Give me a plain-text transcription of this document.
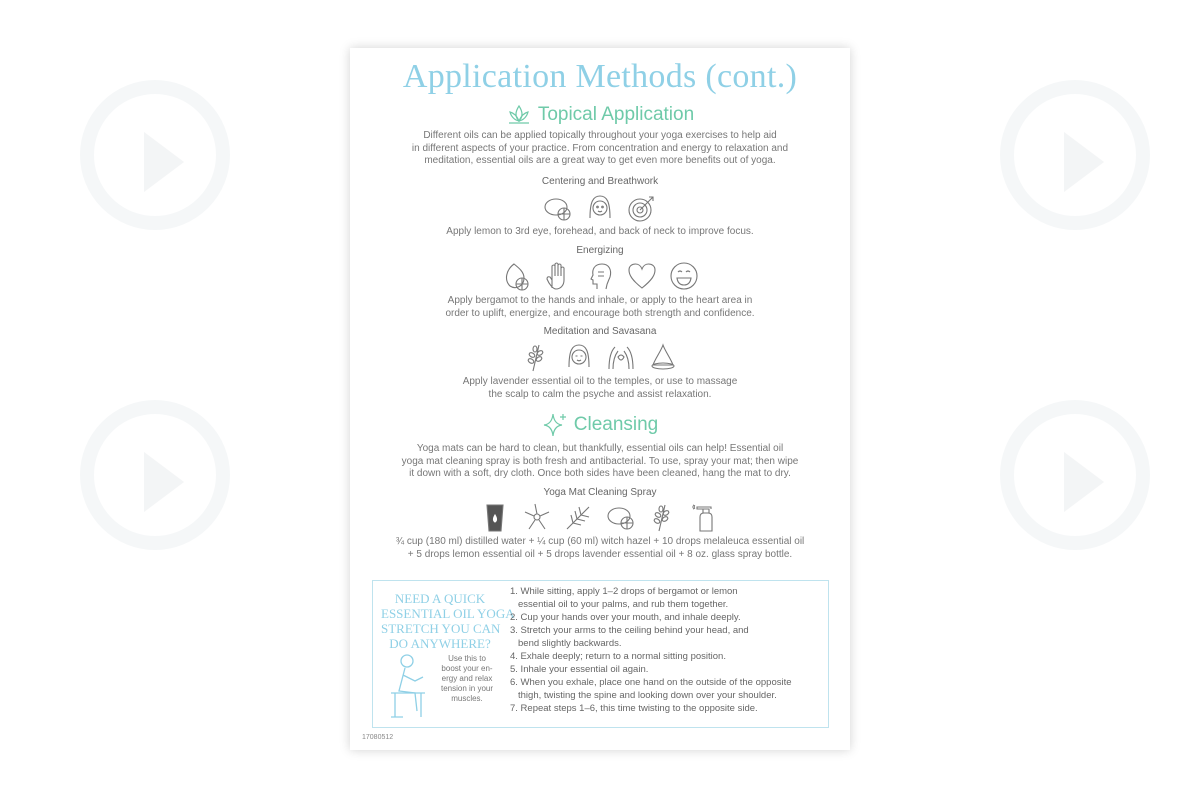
Application Methods (cont.)
Topical Application
Different oils can be applied topically throughout your yoga exercises to help aid
in different aspects of your practice. From concentration and energy to relaxation and
meditation, essential oils are a great way to get even more benefits out of yoga.
Centering and Breathwork
Apply lemon to 3rd eye, forehead, and back of neck to improve focus.
Energizing
Apply bergamot to the hands and inhale, or apply to the heart area in
order to uplift, energize, and encourage both strength and confidence.
Meditation and Savasana
Apply lavender essential oil to the temples, or use to massage
the scalp to calm the psyche and assist relaxation.
Cleansing
Yoga mats can be hard to clean, but thankfully, essential oils can help! Essential oil
yoga mat cleaning spray is both fresh and antibacterial. To use, spray your mat; then wipe
it down with a soft, dry cloth. Once both sides have been cleaned, hang the mat to dry.
Yoga Mat Cleaning Spray
¾ cup (180 ml) distilled water + ¼ cup (60 ml) witch hazel + 10 drops melaleuca essential oil
+ 5 drops lemon essential oil + 5 drops lavender essential oil + 8 oz. glass spray bottle.
NEED A QUICK
ESSENTIAL OIL YOGA
STRETCH YOU CAN
DO ANYWHERE?
Use this to
boost your en-
ergy and relax
tension in your
muscles.
1. While sitting, apply 1–2 drops of bergamot or lemon
essential oil to your palms, and rub them together.
2. Cup your hands over your mouth, and inhale deeply.
3. Stretch your arms to the ceiling behind your head, and
bend slightly backwards.
4. Exhale deeply; return to a normal sitting position.
5. Inhale your essential oil again.
6. When you exhale, place one hand on the outside of the opposite
thigh, twisting the spine and looking down over your shoulder.
7. Repeat steps 1–6, this time twisting to the opposite side.
17080512
